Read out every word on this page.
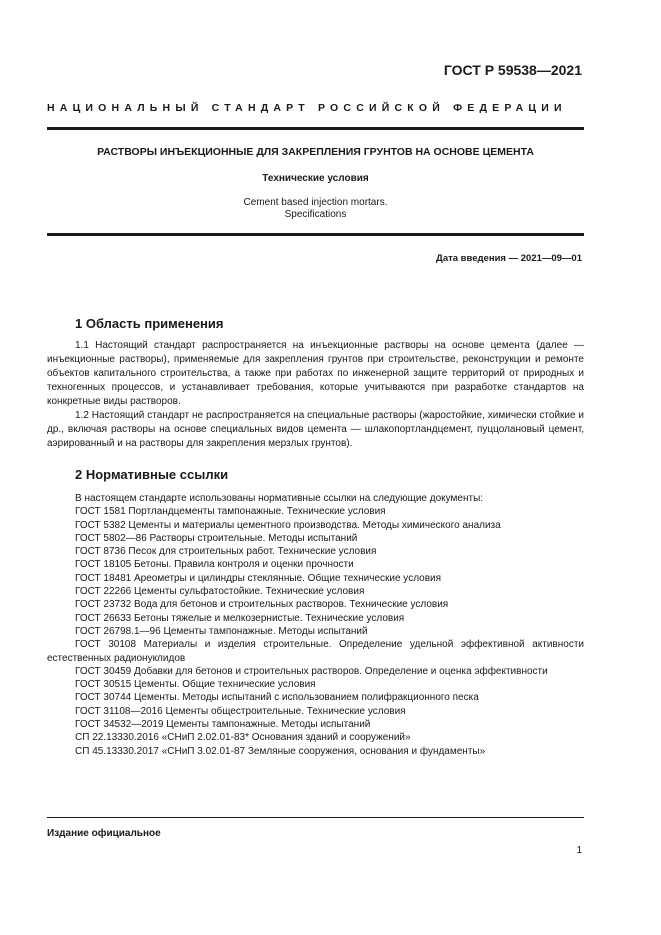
ГОСТ Р 59538—2021
НАЦИОНАЛЬНЫЙ СТАНДАРТ РОССИЙСКОЙ ФЕДЕРАЦИИ
РАСТВОРЫ ИНЪЕКЦИОННЫЕ ДЛЯ ЗАКРЕПЛЕНИЯ ГРУНТОВ НА ОСНОВЕ ЦЕМЕНТА
Технические условия
Cement based injection mortars.
Specifications
Дата введения — 2021—09—01
1 Область применения

1.1 Настоящий стандарт распространяется на инъекционные растворы на основе цемента (далее — инъекционные растворы), применяемые для закрепления грунтов при строительстве, реконструкции и ремонте объектов капитального строительства, а также при работах по инженерной защите территорий от природных и техногенных процессов, и устанавливает требования, которые учитываются при разработке стандартов на конкретные виды растворов.

1.2 Настоящий стандарт не распространяется на специальные растворы (жаростойкие, химически стойкие и др., включая растворы на основе специальных видов цемента — шлакопортландцемент, пуццолановый цемент, аэрированный и на растворы для закрепления мерзлых грунтов).

2 Нормативные ссылки
В настоящем стандарте использованы нормативные ссылки на следующие документы:
ГОСТ 1581 Портландцементы тампонажные. Технические условия
ГОСТ 5382 Цементы и материалы цементного производства. Методы химического анализа
ГОСТ 5802—86 Растворы строительные. Методы испытаний
ГОСТ 8736 Песок для строительных работ. Технические условия
ГОСТ 18105 Бетоны. Правила контроля и оценки прочности
ГОСТ 18481 Ареометры и цилиндры стеклянные. Общие технические условия
ГОСТ 22266 Цементы сульфатостойкие. Технические условия
ГОСТ 23732 Вода для бетонов и строительных растворов. Технические условия
ГОСТ 26633 Бетоны тяжелые и мелкозернистые. Технические условия
ГОСТ 26798.1—96 Цементы тампонажные. Методы испытаний
ГОСТ 30108 Материалы и изделия строительные. Определение удельной эффективной активности естественных радионуклидов
ГОСТ 30459 Добавки для бетонов и строительных растворов. Определение и оценка эффективности
ГОСТ 30515 Цементы. Общие технические условия
ГОСТ 30744 Цементы. Методы испытаний с использованием полифракционного песка
ГОСТ 31108—2016 Цементы общестроительные. Технические условия
ГОСТ 34532—2019 Цементы тампонажные. Методы испытаний
СП 22.13330.2016 «СНиП 2.02.01-83* Основания зданий и сооружений»
СП 45.13330.2017 «СНиП 3.02.01-87 Земляные сооружения, основания и фундаменты»
Издание официальное
1
